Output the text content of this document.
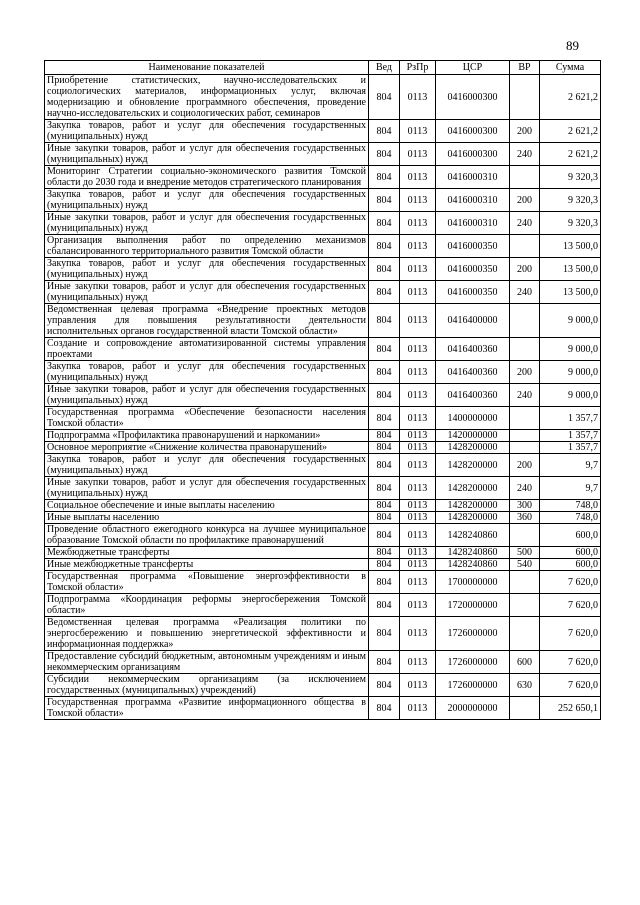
89
Наименование показателей	Вед	РзПр	ЦСР	ВР	Сумма
Приобретение статистических, научно-исследовательских и социологических материалов, информационных услуг, включая модернизацию и обновление программного обеспечения, проведение научно-исследовательских и социологических работ, семинаров	804	0113	0416000300		2 621,2
Закупка товаров, работ и услуг для обеспечения государственных (муниципальных) нужд	804	0113	0416000300	200	2 621,2
Иные закупки товаров, работ и услуг для обеспечения государственных (муниципальных) нужд	804	0113	0416000300	240	2 621,2
Мониторинг Стратегии социально-экономического развития Томской области до 2030 года и внедрение методов стратегического планирования	804	0113	0416000310		9 320,3
Закупка товаров, работ и услуг для обеспечения государственных (муниципальных) нужд	804	0113	0416000310	200	9 320,3
Иные закупки товаров, работ и услуг для обеспечения государственных (муниципальных) нужд	804	0113	0416000310	240	9 320,3
Организация выполнения работ по определению механизмов сбалансированного территориального развития Томской области	804	0113	0416000350		13 500,0
Закупка товаров, работ и услуг для обеспечения государственных (муниципальных) нужд	804	0113	0416000350	200	13 500,0
Иные закупки товаров, работ и услуг для обеспечения государственных (муниципальных) нужд	804	0113	0416000350	240	13 500,0
Ведомственная целевая программа «Внедрение проектных методов управления для повышения результативности деятельности исполнительных органов государственной власти Томской области»	804	0113	0416400000		9 000,0
Создание и сопровождение автоматизированной системы управления проектами	804	0113	0416400360		9 000,0
Закупка товаров, работ и услуг для обеспечения государственных (муниципальных) нужд	804	0113	0416400360	200	9 000,0
Иные закупки товаров, работ и услуг для обеспечения государственных (муниципальных) нужд	804	0113	0416400360	240	9 000,0
Государственная программа «Обеспечение безопасности населения Томской области»	804	0113	1400000000		1 357,7
Подпрограмма «Профилактика правонарушений и наркомании»	804	0113	1420000000		1 357,7
Основное мероприятие «Снижение количества правонарушений»	804	0113	1428200000		1 357,7
Закупка товаров, работ и услуг для обеспечения государственных (муниципальных) нужд	804	0113	1428200000	200	9,7
Иные закупки товаров, работ и услуг для обеспечения государственных (муниципальных) нужд	804	0113	1428200000	240	9,7
Социальное обеспечение и иные выплаты населению	804	0113	1428200000	300	748,0
Иные выплаты населению	804	0113	1428200000	360	748,0
Проведение областного ежегодного конкурса на лучшее муниципальное образование Томской области по профилактике правонарушений	804	0113	1428240860		600,0
Межбюджетные трансферты	804	0113	1428240860	500	600,0
Иные межбюджетные трансферты	804	0113	1428240860	540	600,0
Государственная программа «Повышение энергоэффективности в Томской области»	804	0113	1700000000		7 620,0
Подпрограмма «Координация реформы энергосбережения Томской области»	804	0113	1720000000		7 620,0
Ведомственная целевая программа «Реализация политики по энергосбережению и повышению энергетической эффективности и информационная поддержка»	804	0113	1726000000		7 620,0
Предоставление субсидий бюджетным, автономным учреждениям и иным некоммерческим организациям	804	0113	1726000000	600	7 620,0
Субсидии некоммерческим организациям (за исключением государственных (муниципальных) учреждений)	804	0113	1726000000	630	7 620,0
Государственная программа «Развитие информационного общества в Томской области»	804	0113	2000000000		252 650,1
